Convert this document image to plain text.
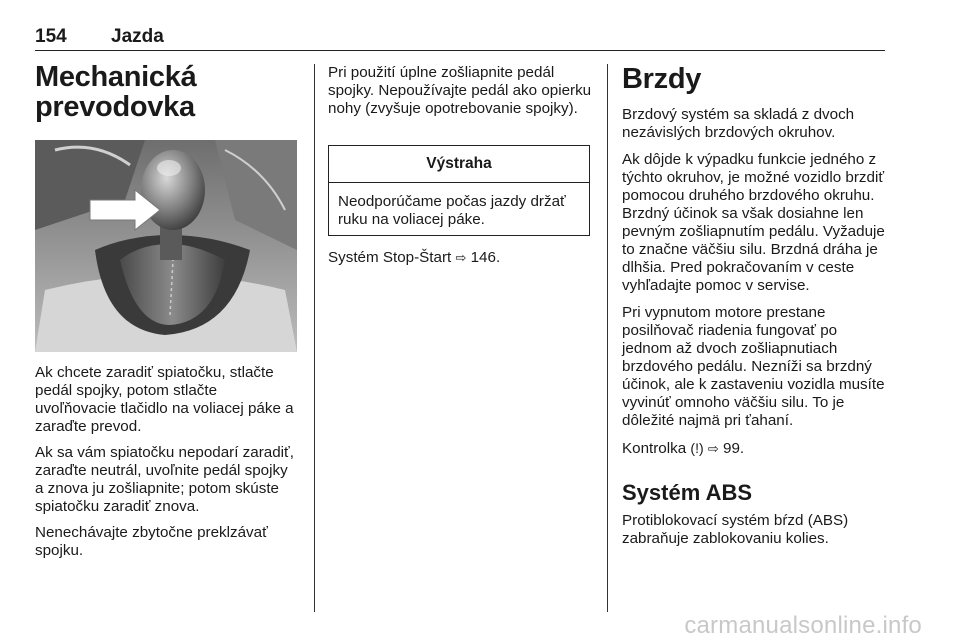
154 Jazda
Mechanická
prevodovka

Ak chcete zaradiť spiatočku, stlačte pedál spojky, potom stlačte uvoľňovacie tlačidlo na voliacej páke a zaraďte prevod.

Ak sa vám spiatočku nepodarí zaradiť, zaraďte neutrál, uvoľnite pedál spojky a znova ju zošliapnite; potom skúste spiatočku zaradiť znova.

Nenechávajte zbytočne preklzávať spojku.

Pri použití úplne zošliapnite pedál spojky. Nepoužívajte pedál ako opierku nohy (zvyšuje opotrebovanie spojky).

Výstraha

Neodporúčame počas jazdy držať ruku na voliacej páke.

Systém Stop-Štart ⇨ 146.

Brzdy

Brzdový systém sa skladá z dvoch nezávislých brzdových okruhov.

Ak dôjde k výpadku funkcie jedného z týchto okruhov, je možné vozidlo brzdiť pomocou druhého brzdového okruhu. Brzdný účinok sa však dosiahne len pevným zošliapnutím pedálu. Vyžaduje to značne väčšiu silu. Brzdná dráha je dlhšia. Pred pokračovaním v ceste vyhľadajte pomoc v servise.

Pri vypnutom motore prestane posilňovač riadenia fungovať po jednom až dvoch zošliapnutiach brzdového pedálu. Nezníži sa brzdný účinok, ale k zastaveniu vozidla musíte vyvinúť omnoho väčšiu silu. To je dôležité najmä pri ťahaní.

Kontrolka (!) ⇨ 99.

Systém ABS

Protiblokovací systém bŕzd (ABS) zabraňuje zablokovaniu kolies.

carmanualsonline.info
